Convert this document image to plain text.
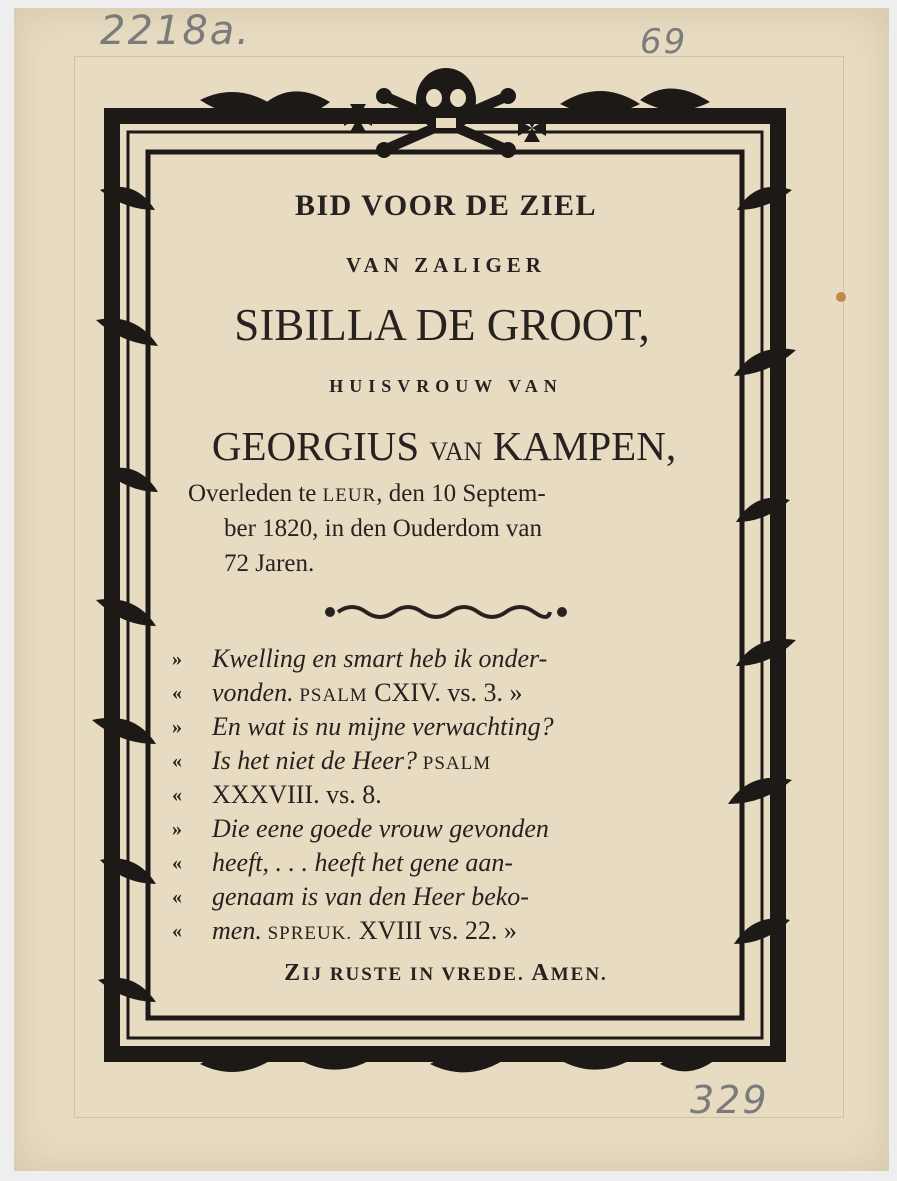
2218a.	69
329

BID VOOR DE ZIEL

VAN ZALIGER

SIBILLA DE GROOT,

HUISVROUW VAN

GEORGIUS VAN KAMPEN,

Overleden te LEUR, den 10 Septem-
ber 1820, in den Ouderdom van
72 Jaren.
» Kwelling en smart heb ik onder-
« vonden. PSALM CXIV. vs. 3. »
» En wat is nu mijne verwachting?
« Is het niet de Heer? PSALM
« XXXVIII. vs. 8.
» Die eene goede vrouw gevonden
« heeft, . . . heeft het gene aan-
« genaam is van den Heer beko-
« men. SPREUK. XVIII vs. 22. »
ZIJ RUSTE IN VREDE. AMEN.
